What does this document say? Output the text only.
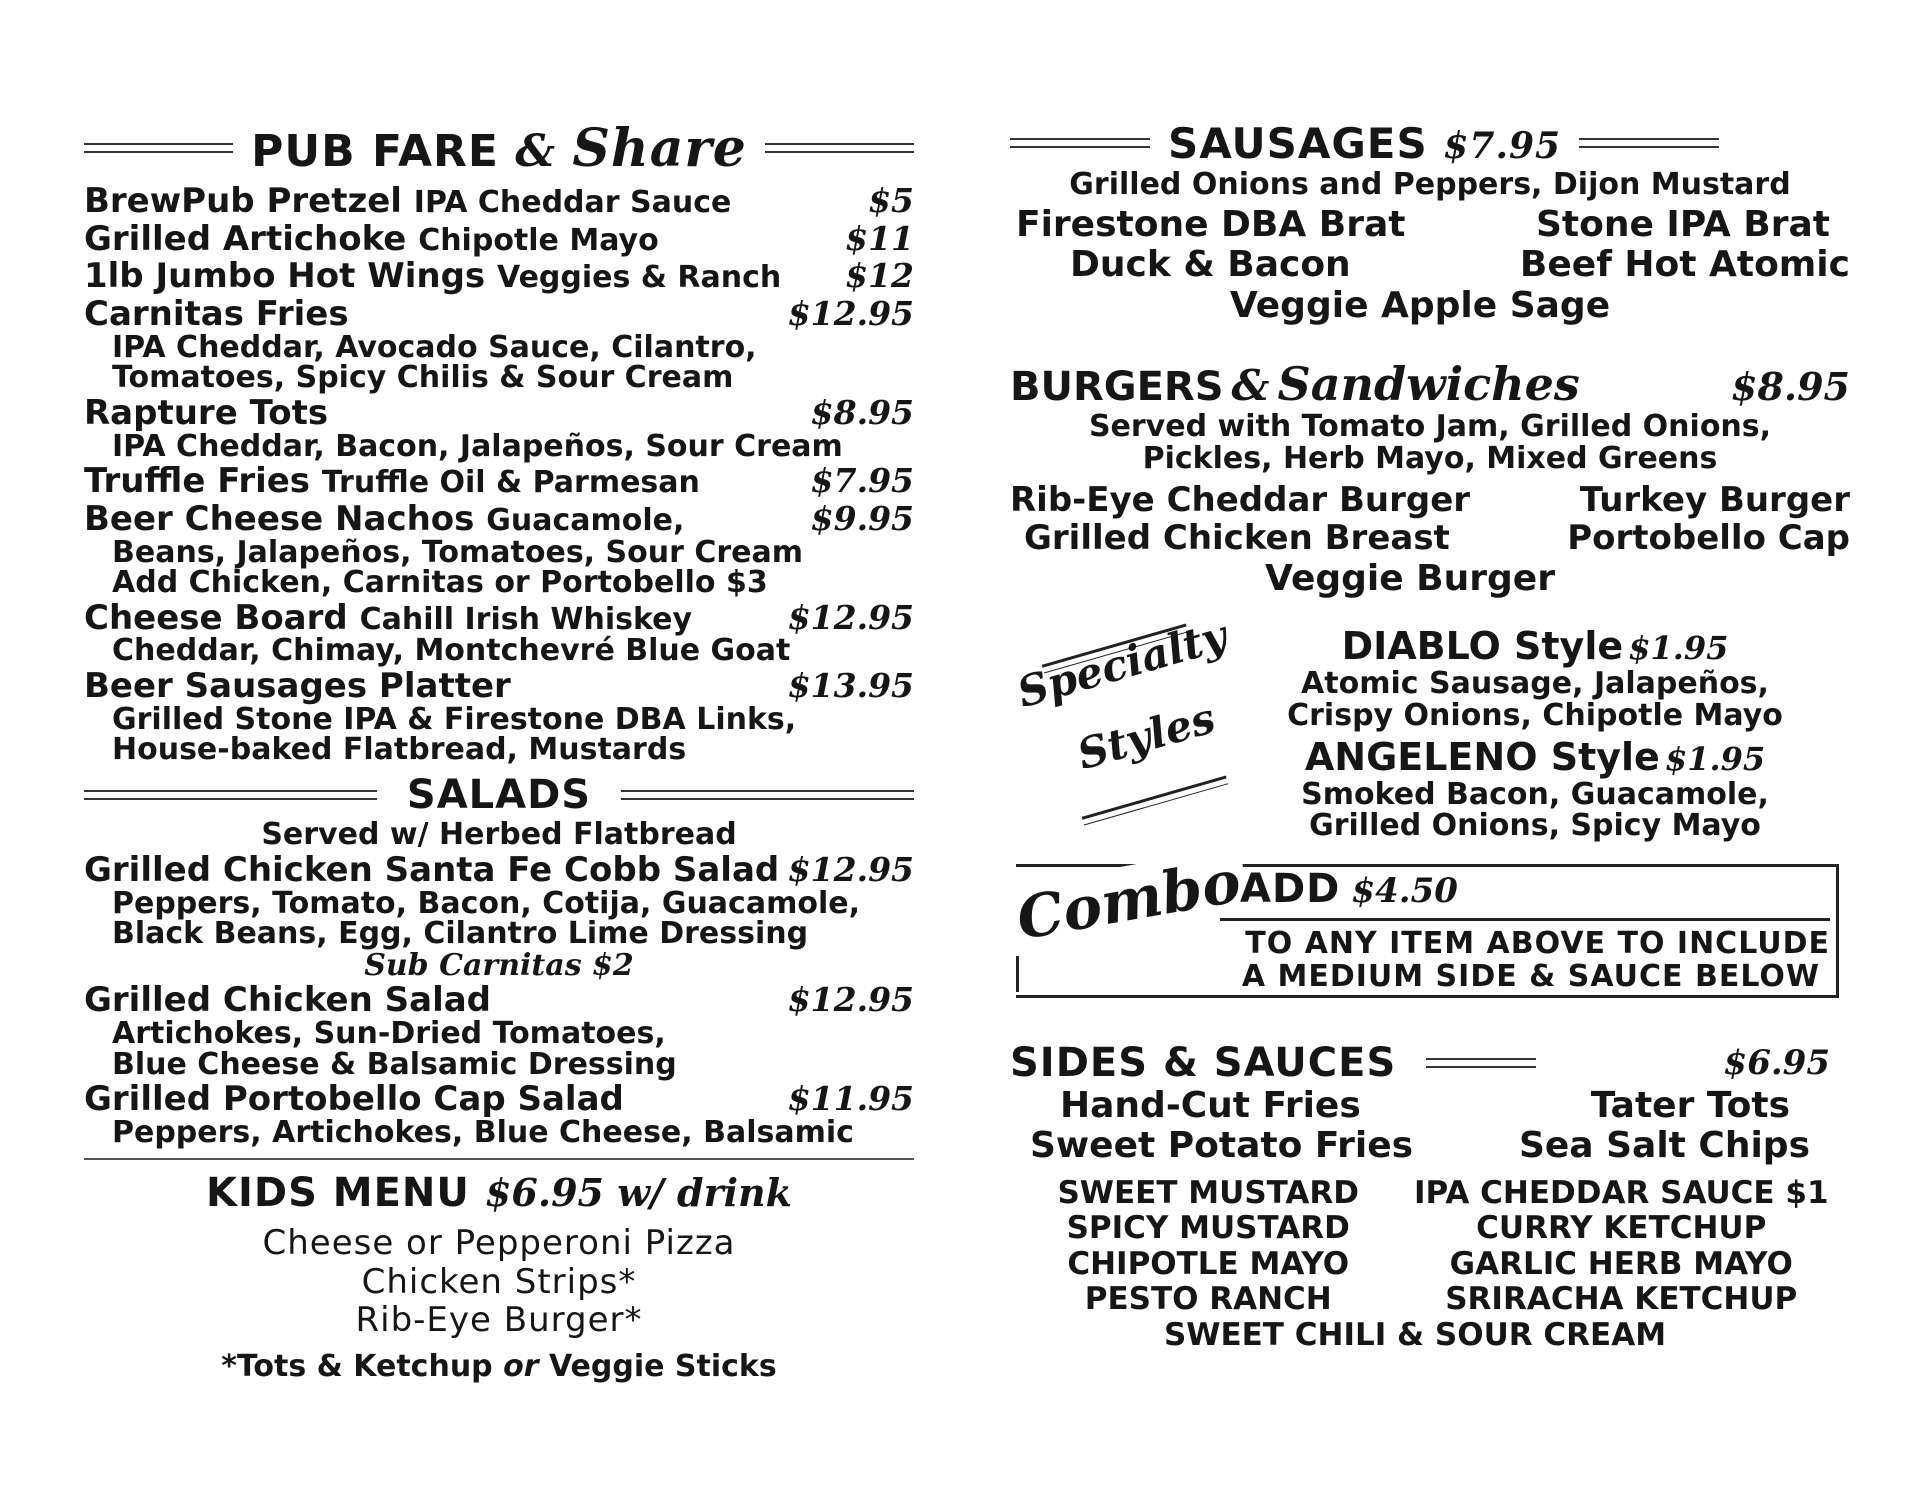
PUB FARE & Share
BrewPub Pretzel IPA Cheddar Sauce	$5
Grilled Artichoke Chipotle Mayo	$11
1lb Jumbo Hot Wings Veggies & Ranch $12
Carnitas Fries	$12.95
IPA Cheddar, Avocado Sauce, Cilantro,
Tomatoes, Spicy Chilis & Sour Cream
Rapture Tots	$8.95
IPA Cheddar, Bacon, Jalapeños, Sour Cream
Truffle Fries Truffle Oil & Parmesan	$7.95
Beer Cheese Nachos Guacamole,	$9.95
Beans, Jalapeños, Tomatoes, Sour Cream
Add Chicken, Carnitas or Portobello $3
Cheese Board Cahill Irish Whiskey	$12.95
Cheddar, Chimay, Montchevré Blue Goat
Beer Sausages Platter	$13.95
Grilled Stone IPA & Firestone DBA Links,
House-baked Flatbread, Mustards
SALADS
Served w/ Herbed Flatbread
Grilled Chicken Santa Fe Cobb Salad $12.95
Peppers, Tomato, Bacon, Cotija, Guacamole,
Black Beans, Egg, Cilantro Lime Dressing
Sub Carnitas $2
Grilled Chicken Salad	$12.95
Artichokes, Sun-Dried Tomatoes,
Blue Cheese & Balsamic Dressing
Grilled Portobello Cap Salad	$11.95
Peppers, Artichokes, Blue Cheese, Balsamic
KIDS MENU $6.95 w/ drink
Cheese or Pepperoni Pizza
Chicken Strips*
Rib-Eye Burger*
*Tots & Ketchup or Veggie Sticks
SAUSAGES $7.95
Grilled Onions and Peppers, Dijon Mustard
Firestone DBA Brat	Stone IPA Brat
Duck & Bacon	Beef Hot Atomic
Veggie Apple Sage
BURGERS & Sandwiches	$8.95
Served with Tomato Jam, Grilled Onions,
Pickles, Herb Mayo, Mixed Greens
Rib-Eye Cheddar Burger	Turkey Burger
Grilled Chicken Breast	Portobello Cap
Veggie Burger
Specialty
Styles
DIABLO Style $1.95
Atomic Sausage, Jalapeños,
Crispy Onions, Chipotle Mayo
ANGELENO Style $1.95
Smoked Bacon, Guacamole,
Grilled Onions, Spicy Mayo
Combo
ADD $4.50
TO ANY ITEM ABOVE TO INCLUDE
A MEDIUM SIDE & SAUCE BELOW
SIDES & SAUCES	$6.95
Hand-Cut Fries	Tater Tots
Sweet Potato Fries	Sea Salt Chips
SWEET MUSTARD	IPA CHEDDAR SAUCE $1
SPICY MUSTARD	CURRY KETCHUP
CHIPOTLE MAYO	GARLIC HERB MAYO
PESTO RANCH	SRIRACHA KETCHUP
SWEET CHILI & SOUR CREAM
